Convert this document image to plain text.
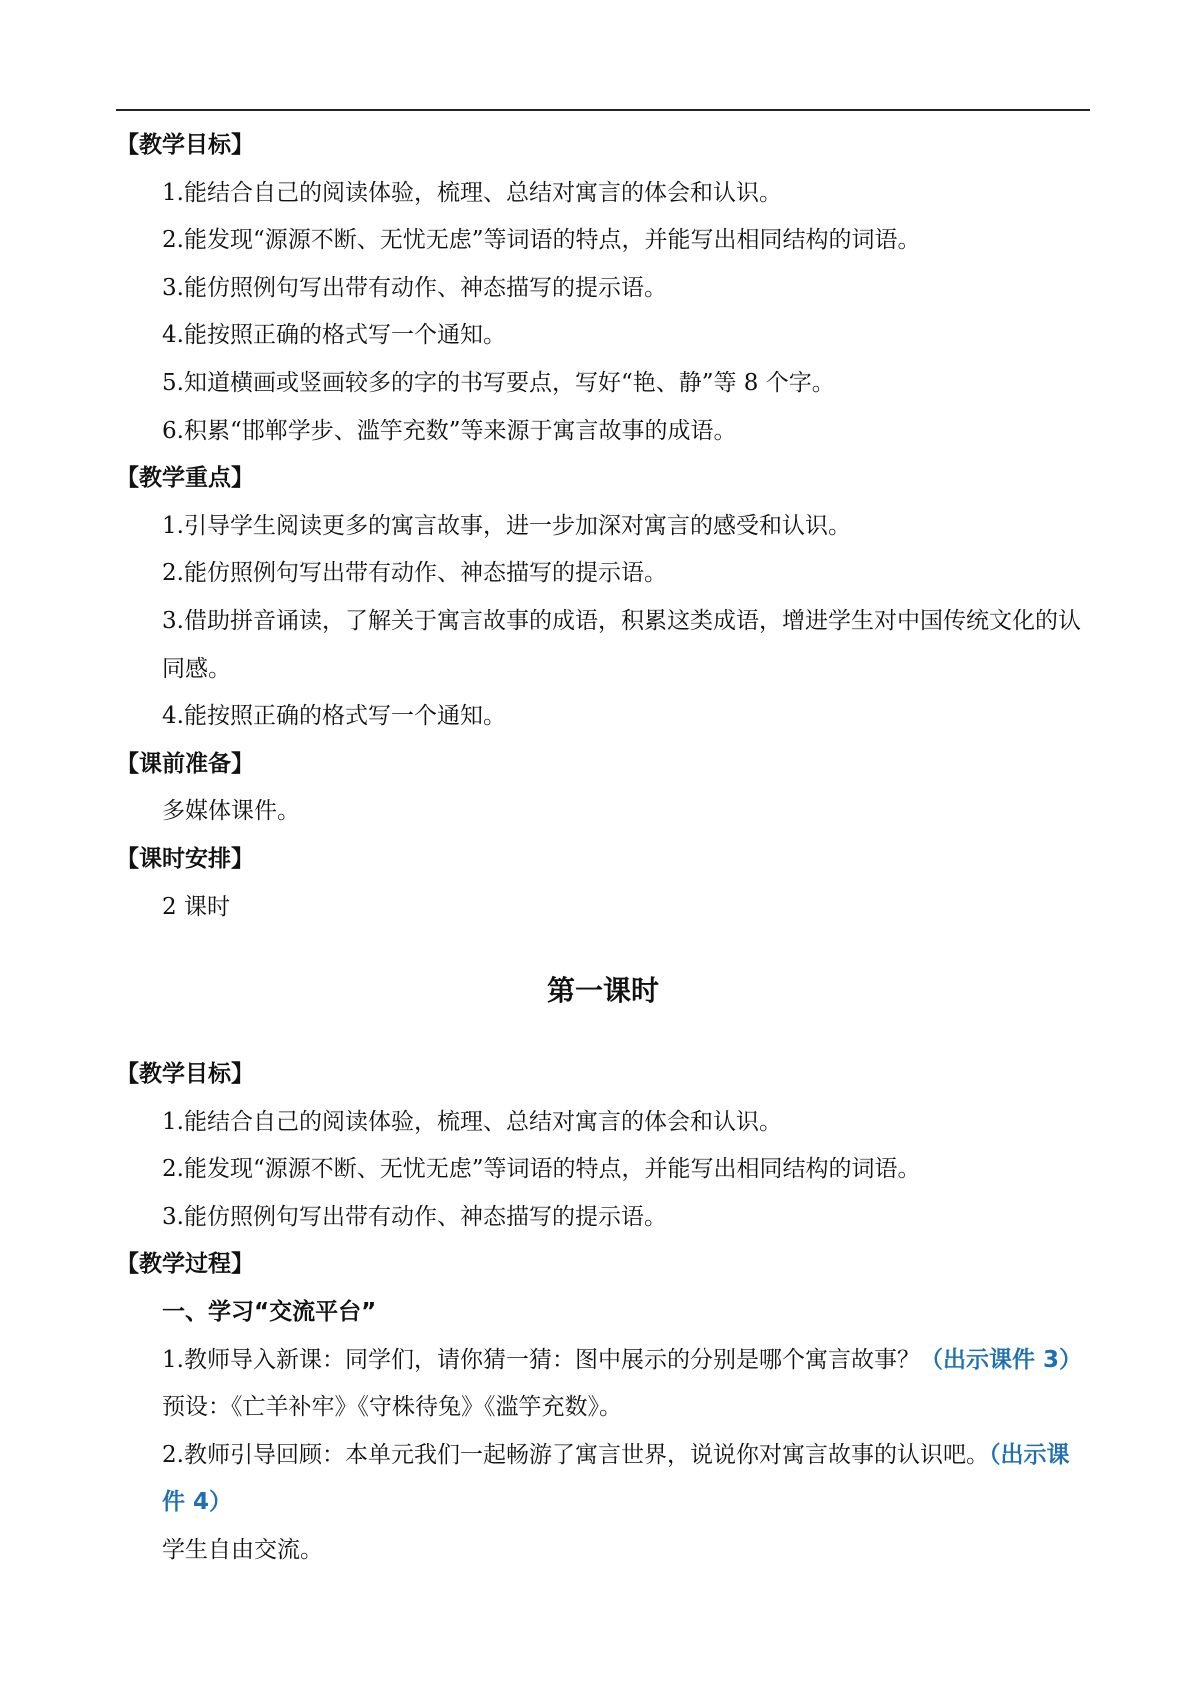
【教学目标】

1.能结合自己的阅读体验，梳理、总结对寓言的体会和认识。

2.能发现“源源不断、无忧无虑”等词语的特点，并能写出相同结构的词语。

3.能仿照例句写出带有动作、神态描写的提示语。

4.能按照正确的格式写一个通知。

5.知道横画或竖画较多的字的书写要点，写好“艳、静”等 8 个字。

6.积累“邯郸学步、滥竽充数”等来源于寓言故事的成语。

【教学重点】

1.引导学生阅读更多的寓言故事，进一步加深对寓言的感受和认识。

2.能仿照例句写出带有动作、神态描写的提示语。

3.借助拼音诵读，了解关于寓言故事的成语，积累这类成语，增进学生对中国传统文化的认同感。

4.能按照正确的格式写一个通知。

【课前准备】

多媒体课件。

【课时安排】

2 课时

第一课时

【教学目标】

1.能结合自己的阅读体验，梳理、总结对寓言的体会和认识。

2.能发现“源源不断、无忧无虑”等词语的特点，并能写出相同结构的词语。

3.能仿照例句写出带有动作、神态描写的提示语。

【教学过程】

一、学习“交流平台”

1.教师导入新课：同学们，请你猜一猜：图中展示的分别是哪个寓言故事？（出示课件 3）

预设：《亡羊补牢》《守株待兔》《滥竽充数》。

2.教师引导回顾：本单元我们一起畅游了寓言世界，说说你对寓言故事的认识吧。（出示课件 4）

学生自由交流。
